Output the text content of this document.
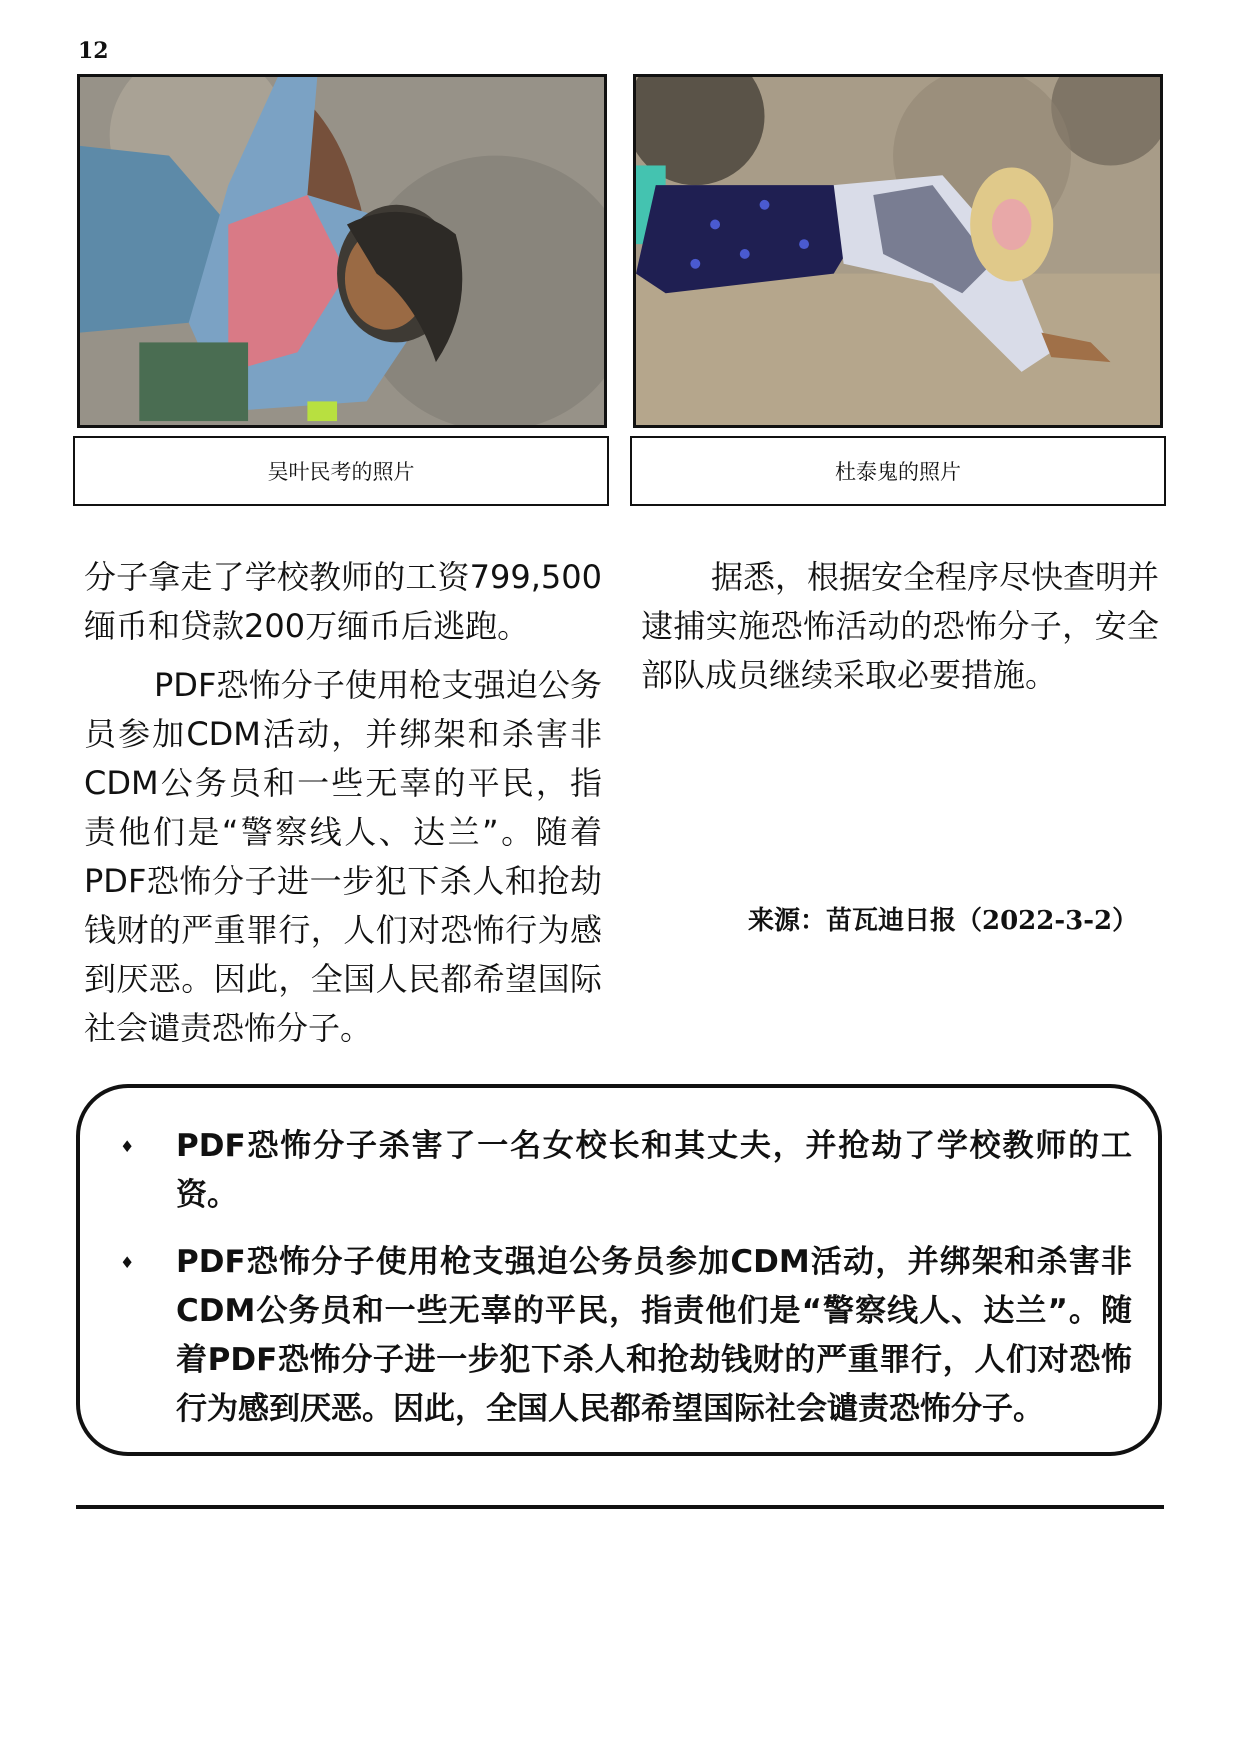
12
吴叶民考的照片	杜泰鬼的照片

分子拿走了学校教师的工资799,500缅币和贷款200万缅币后逃跑。

PDF恐怖分子使用枪支强迫公务员参加CDM活动，并绑架和杀害非CDM公务员和一些无辜的平民，指责他们是“警察线人、达兰”。随着PDF恐怖分子进一步犯下杀人和抢劫钱财的严重罪行，人们对恐怖行为感到厌恶。因此，全国人民都希望国际社会谴责恐怖分子。

据悉，根据安全程序尽快查明并逮捕实施恐怖活动的恐怖分子，安全部队成员继续采取必要措施。

来源：苗瓦迪日报（2022-3-2）
♦ PDF恐怖分子杀害了一名女校长和其丈夫，并抢劫了学校教师的工资。
♦ PDF恐怖分子使用枪支强迫公务员参加CDM活动，并绑架和杀害非CDM公务员和一些无辜的平民，指责他们是“警察线人、达兰”。随着PDF恐怖分子进一步犯下杀人和抢劫钱财的严重罪行，人们对恐怖行为感到厌恶。因此，全国人民都希望国际社会谴责恐怖分子。
